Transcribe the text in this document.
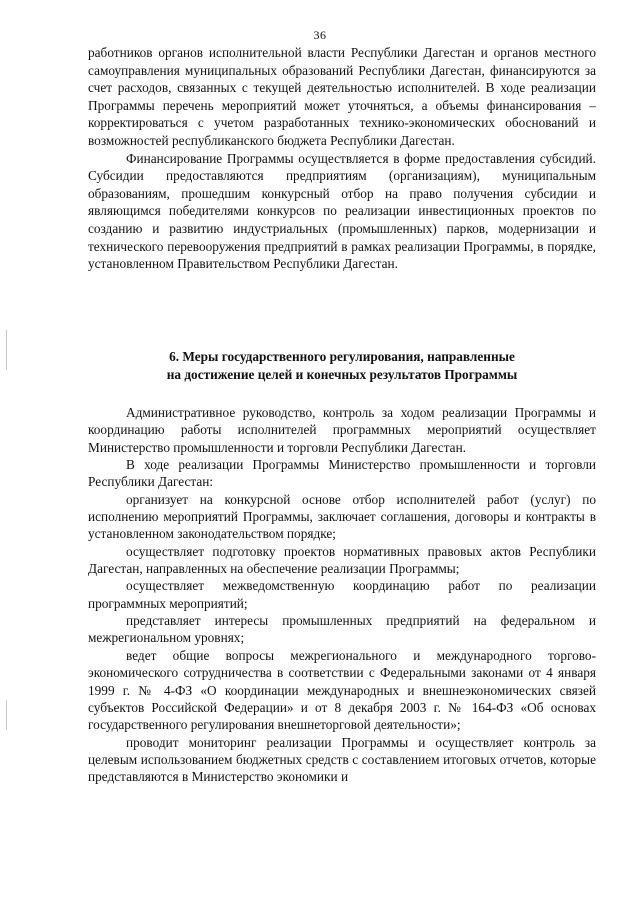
36

работников органов исполнительной власти Республики Дагестан и органов местного самоуправления муниципальных образований Республики Дагестан, финансируются за счет расходов, связанных с текущей деятельностью исполнителей. В ходе реализации Программы перечень мероприятий может уточняться, а объемы финансирования – корректироваться с учетом разработанных технико-экономических обоснований и возможностей республиканского бюджета Республики Дагестан.

Финансирование Программы осуществляется в форме предоставления субсидий. Субсидии предоставляются предприятиям (организациям), муниципальным образованиям, прошедшим конкурсный отбор на право получения субсидии и являющимся победителями конкурсов по реализации инвестиционных проектов по созданию и развитию индустриальных (промышленных) парков, модернизации и технического перевооружения предприятий в рамках реализации Программы, в порядке, установленном Правительством Республики Дагестан.

6. Меры государственного регулирования, направленные
на достижение целей и конечных результатов Программы

Административное руководство, контроль за ходом реализации Программы и координацию работы исполнителей программных мероприятий осуществляет Министерство промышленности и торговли Республики Дагестан.

В ходе реализации Программы Министерство промышленности и торговли Республики Дагестан:

организует на конкурсной основе отбор исполнителей работ (услуг) по исполнению мероприятий Программы, заключает соглашения, договоры и контракты в установленном законодательством порядке;

осуществляет подготовку проектов нормативных правовых актов Республики Дагестан, направленных на обеспечение реализации Программы;

осуществляет межведомственную координацию работ по реализации программных мероприятий;

представляет интересы промышленных предприятий на федеральном и межрегиональном уровнях;

ведет общие вопросы межрегионального и международного торгово-экономического сотрудничества в соответствии с Федеральными законами от 4 января 1999 г. № 4-ФЗ «О координации международных и внешнеэкономических связей субъектов Российской Федерации» и от 8 декабря 2003 г. № 164-ФЗ «Об основах государственного регулирования внешнеторговой деятельности»;

проводит мониторинг реализации Программы и осуществляет контроль за целевым использованием бюджетных средств с составлением итоговых отчетов, которые представляются в Министерство экономики и
